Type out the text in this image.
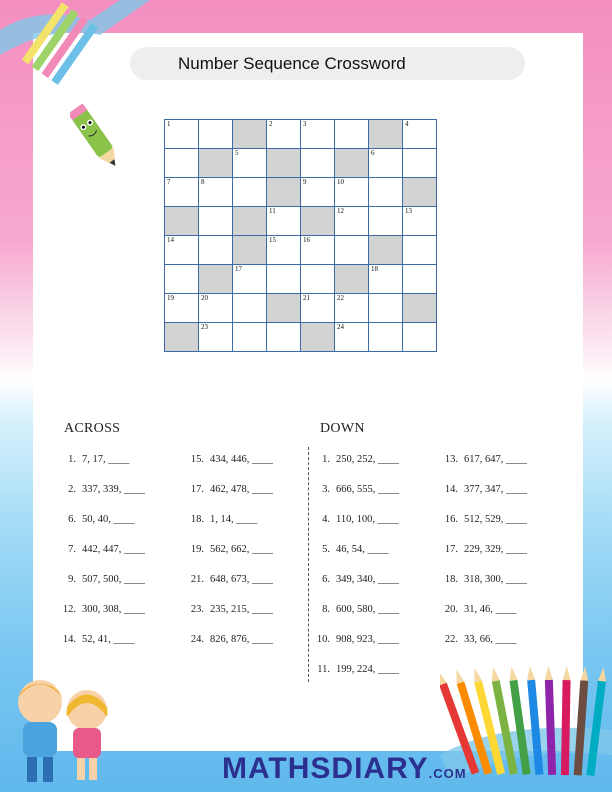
Number Sequence Crossword
1			2	3			4

		5				6	

7	8			9	10		

			11		12		13

14			15	16			

		17				18	

19	20			21	22		

	23				24		

ACROSS	DOWN
1. 7, 17, ____
2. 337, 339, ____
6. 50, 40, ____
7. 442, 447, ____
9. 507, 500, ____
12. 300, 308, ____
14. 52, 41, ____
15. 434, 446, ____
17. 462, 478, ____
18. 1, 14, ____
19. 562, 662, ____
21. 648, 673, ____
23. 235, 215, ____
24. 826, 876, ____
1. 250, 252, ____
3. 666, 555, ____
4. 110, 100, ____
5. 46, 54, ____
6. 349, 340, ____
8. 600, 580, ____
10. 908, 923, ____
11. 199, 224, ____
13. 617, 647, ____
14. 377, 347, ____
16. 512, 529, ____
17. 229, 329, ____
18. 318, 300, ____
20. 31, 46, ____
22. 33, 66, ____
MATHSDIARY.COM
